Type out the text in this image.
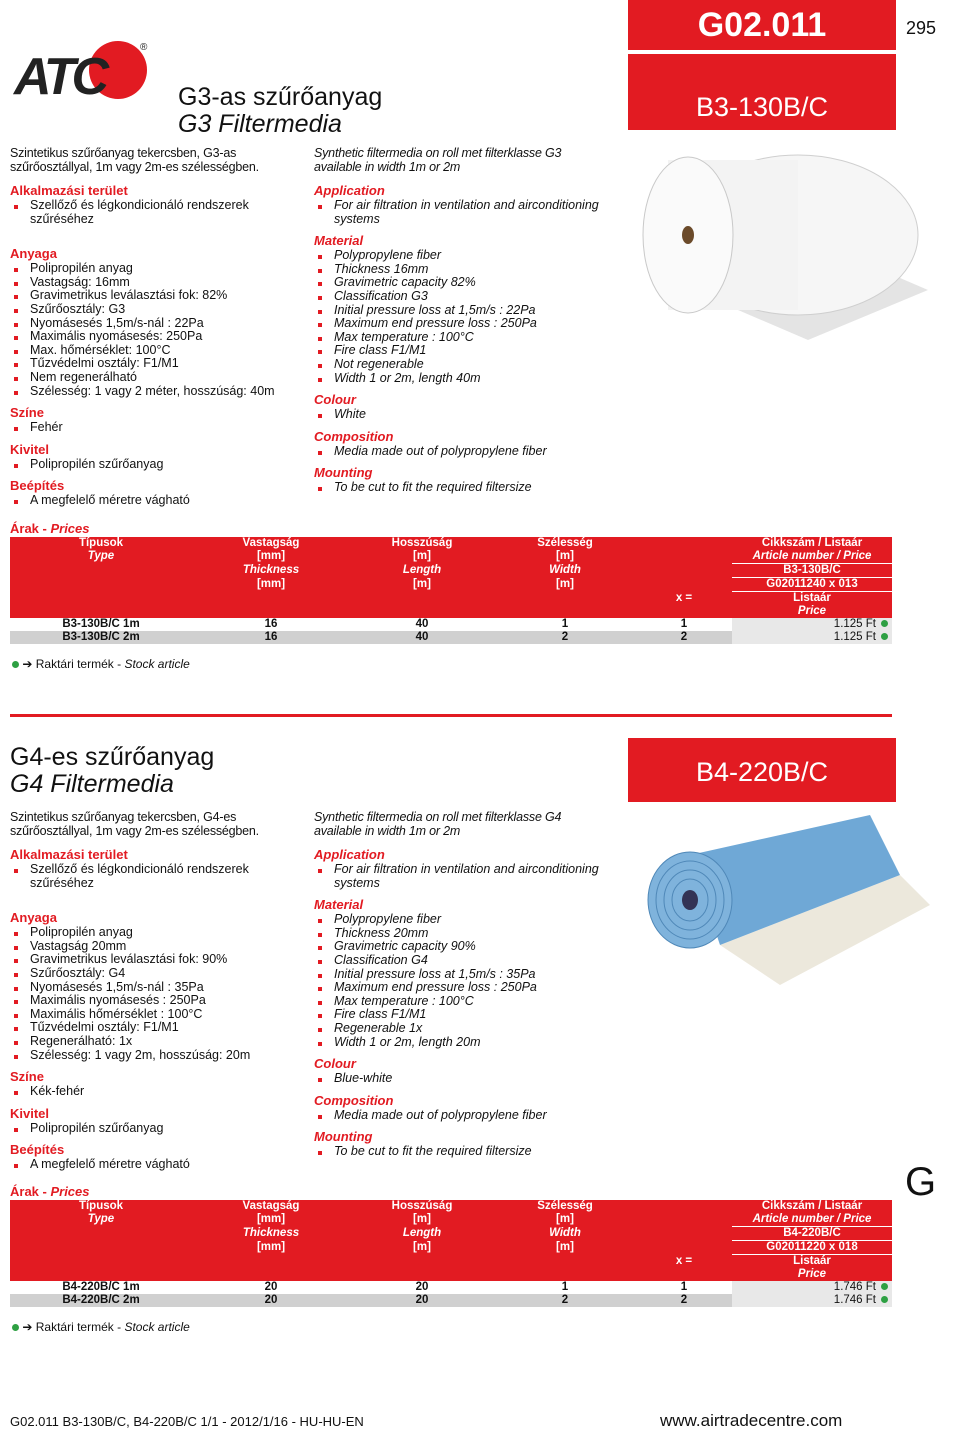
ATC
®
G02.011	295
B3-130B/C
G3-as szűrőanyag
G3 Filtermedia
Szintetikus szűrőanyag tekercsben, G3-as szűrőosztállyal, 1m vagy 2m-es szélességben.
Synthetic filtermedia on roll met filterklasse G3 available in width 1m or 2m
Alkalmazási terület
Szellőző és légkondicionáló rendszerek szűréséhez
Anyaga
Polipropilén anyag
Vastagság: 16mm
Gravimetrikus leválasztási fok: 82%
Szűrőosztály: G3
Nyomásesés 1,5m/s-nál : 22Pa
Maximális nyomásesés: 250Pa
Max. hőmérséklet: 100°C
Tűzvédelmi osztály: F1/M1
Nem regenerálható
Szélesség: 1 vagy 2 méter, hosszúság: 40m
Színe
Fehér
Kivitel
Polipropilén szűrőanyag
Beépítés
A megfelelő méretre vágható
Application
For air filtration in ventilation and airconditioning systems
Material
Polypropylene fiber
Thickness 16mm
Gravimetric capacity 82%
Classification G3
Initial pressure loss at 1,5m/s : 22Pa
Maximum end pressure loss : 250Pa
Max temperature : 100°C
Fire class F1/M1
Not regenerable
Width 1 or 2m, length 40m
Colour
White
Composition
Media made out of polypropylene fiber
Mounting
To be cut to fit the required filtersize
Árak - Prices
Típusok	Vastagság	Hosszúság	Szélesség	Cikkszám / Listaár	
Type	[mm]	[m]	[m]	Article number / Price	
	Thickness	Length	Width		B3-130B/C
	[mm]	[m]	[m]		G02011240 x 013
				x =	Listaár
					Price
B3-130B/C 1m	16	40	1	1	1.125 Ft
B3-130B/C 2m	16	40	2	2	1.125 Ft
➔ Raktári termék - Stock article
B4-220B/C
G4-es szűrőanyag
G4 Filtermedia
Szintetikus szűrőanyag tekercsben, G4-es szűrőosztállyal, 1m vagy 2m-es szélességben.
Synthetic filtermedia on roll met filterklasse G4 available in width 1m or 2m
Alkalmazási terület
Szellőző és légkondicionáló rendszerek szűréséhez
Anyaga
Polipropilén anyag
Vastagság 20mm
Gravimetrikus leválasztási fok: 90%
Szűrőosztály: G4
Nyomásesés 1,5m/s-nál : 35Pa
Maximális nyomásesés : 250Pa
Maximális hőmérséklet : 100°C
Tűzvédelmi osztály: F1/M1
Regenerálható: 1x
Szélesség: 1 vagy 2m, hosszúság: 20m
Színe
Kék-fehér
Kivitel
Polipropilén szűrőanyag
Beépítés
A megfelelő méretre vágható
Application
For air filtration in ventilation and airconditioning systems
Material
Polypropylene fiber
Thickness 20mm
Gravimetric capacity 90%
Classification G4
Initial pressure loss at 1,5m/s : 35Pa
Maximum end pressure loss : 250Pa
Max temperature : 100°C
Fire class F1/M1
Regenerable 1x
Width 1 or 2m, length 20m
Colour
Blue-white
Composition
Media made out of polypropylene fiber
Mounting
To be cut to fit the required filtersize
G
Árak - Prices
Típusok	Vastagság	Hosszúság	Szélesség	Cikkszám / Listaár	
Type	[mm]	[m]	[m]	Article number / Price	
	Thickness	Length	Width		B4-220B/C
	[mm]	[m]	[m]		G02011220 x 018
				x =	Listaár
					Price
B4-220B/C 1m	20	20	1	1	1.746 Ft
B4-220B/C 2m	20	20	2	2	1.746 Ft
➔ Raktári termék - Stock article
G02.011 B3-130B/C, B4-220B/C 1/1 - 2012/1/16 - HU-HU-EN	www.airtradecentre.com
